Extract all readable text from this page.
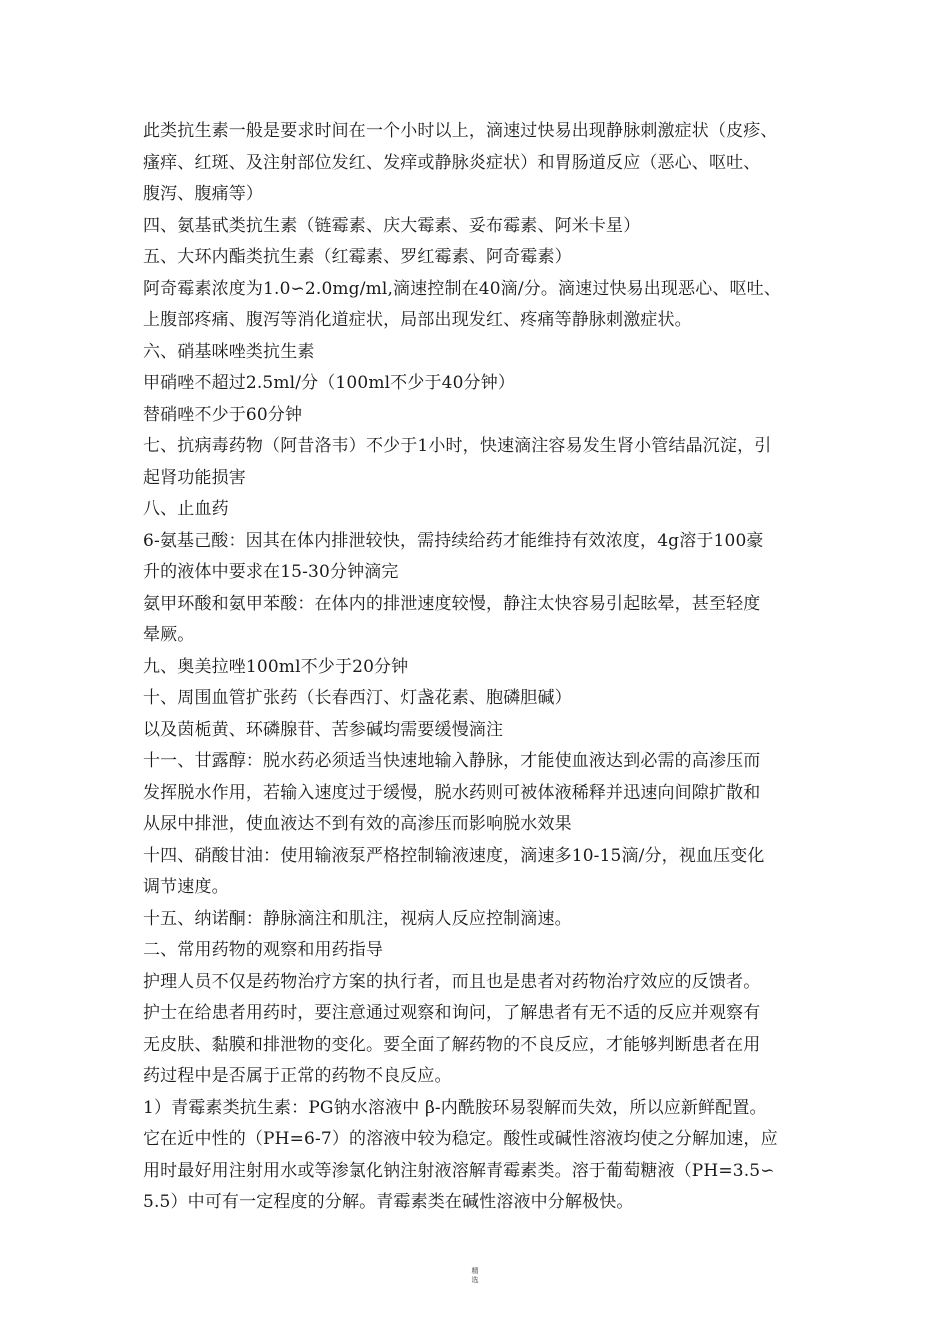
此类抗生素一般是要求时间在一个小时以上，滴速过快易出现静脉刺激症状（皮疹、
瘙痒、红斑、及注射部位发红、发痒或静脉炎症状）和胃肠道反应（恶心、呕吐、
腹泻、腹痛等）
四、氨基甙类抗生素（链霉素、庆大霉素、妥布霉素、阿米卡星）
五、大环内酯类抗生素（红霉素、罗红霉素、阿奇霉素）
阿奇霉素浓度为1.0∽2.0mg/ml,滴速控制在40滴/分。滴速过快易出现恶心、呕吐、
上腹部疼痛、腹泻等消化道症状，局部出现发红、疼痛等静脉刺激症状。
六、硝基咪唑类抗生素
甲硝唑不超过2.5ml/分（100ml不少于40分钟）
替硝唑不少于60分钟
七、抗病毒药物（阿昔洛韦）不少于1小时，快速滴注容易发生肾小管结晶沉淀，引
起肾功能损害
八、止血药
6-氨基己酸：因其在体内排泄较快，需持续给药才能维持有效浓度，4g溶于100豪
升的液体中要求在15-30分钟滴完
氨甲环酸和氨甲苯酸：在体内的排泄速度较慢，静注太快容易引起眩晕，甚至轻度
晕厥。
九、奥美拉唑100ml不少于20分钟
十、周围血管扩张药（长春西汀、灯盏花素、胞磷胆碱）
以及茵栀黄、环磷腺苷、苦参碱均需要缓慢滴注
十一、甘露醇：脱水药必须适当快速地输入静脉，才能使血液达到必需的高渗压而
发挥脱水作用，若输入速度过于缓慢，脱水药则可被体液稀释并迅速向间隙扩散和
从尿中排泄，使血液达不到有效的高渗压而影响脱水效果
十四、硝酸甘油：使用输液泵严格控制输液速度，滴速多10-15滴/分，视血压变化
调节速度。
十五、纳诺酮：静脉滴注和肌注，视病人反应控制滴速。
二、常用药物的观察和用药指导
护理人员不仅是药物治疗方案的执行者，而且也是患者对药物治疗效应的反馈者。
护士在给患者用药时，要注意通过观察和询问，了解患者有无不适的反应并观察有
无皮肤、黏膜和排泄物的变化。要全面了解药物的不良反应，才能够判断患者在用
药过程中是否属于正常的药物不良反应。
1）青霉素类抗生素：PG钠水溶液中 β-内酰胺环易裂解而失效，所以应新鲜配置。
它在近中性的（PH=6-7）的溶液中较为稳定。酸性或碱性溶液均使之分解加速，应
用时最好用注射用水或等渗氯化钠注射液溶解青霉素类。溶于葡萄糖液（PH=3.5∽
5.5）中可有一定程度的分解。青霉素类在碱性溶液中分解极快。
精
选
